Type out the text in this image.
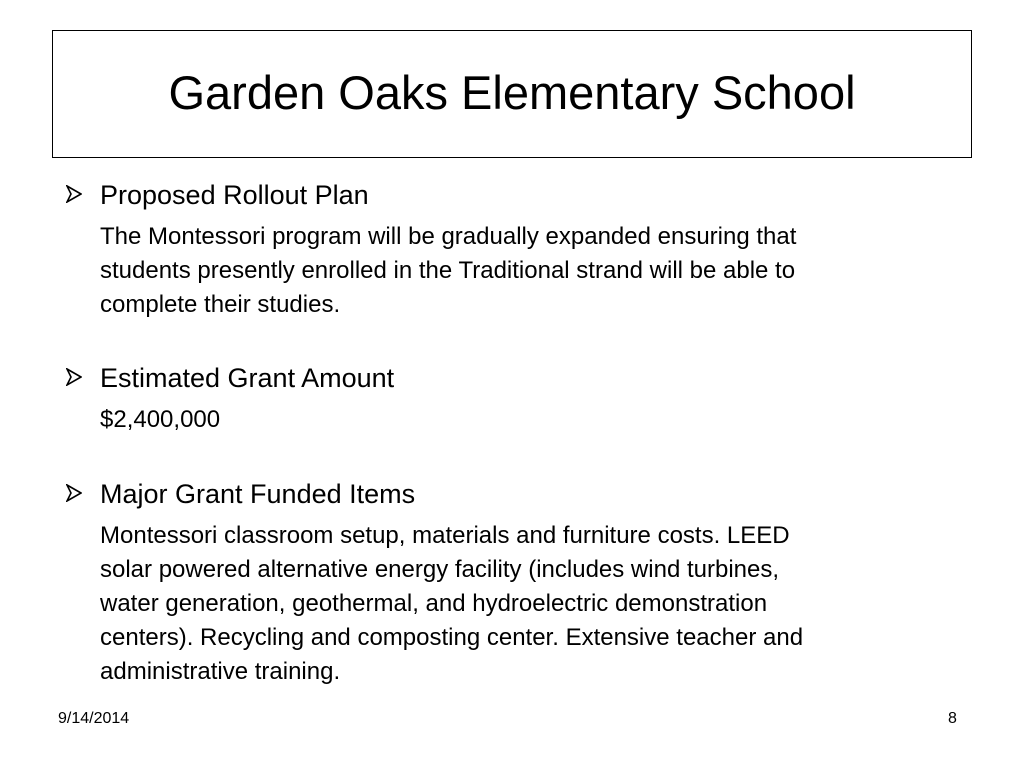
Garden Oaks Elementary School
Proposed Rollout Plan
The Montessori program will be gradually expanded ensuring that
students presently enrolled in the Traditional strand will be able to
complete their studies.
Estimated Grant Amount
$2,400,000
Major Grant Funded Items
Montessori classroom setup, materials and furniture costs. LEED
solar powered alternative energy facility (includes wind turbines,
water generation, geothermal, and hydroelectric demonstration
centers). Recycling and composting center. Extensive teacher and
administrative training.
9/14/2014	8
